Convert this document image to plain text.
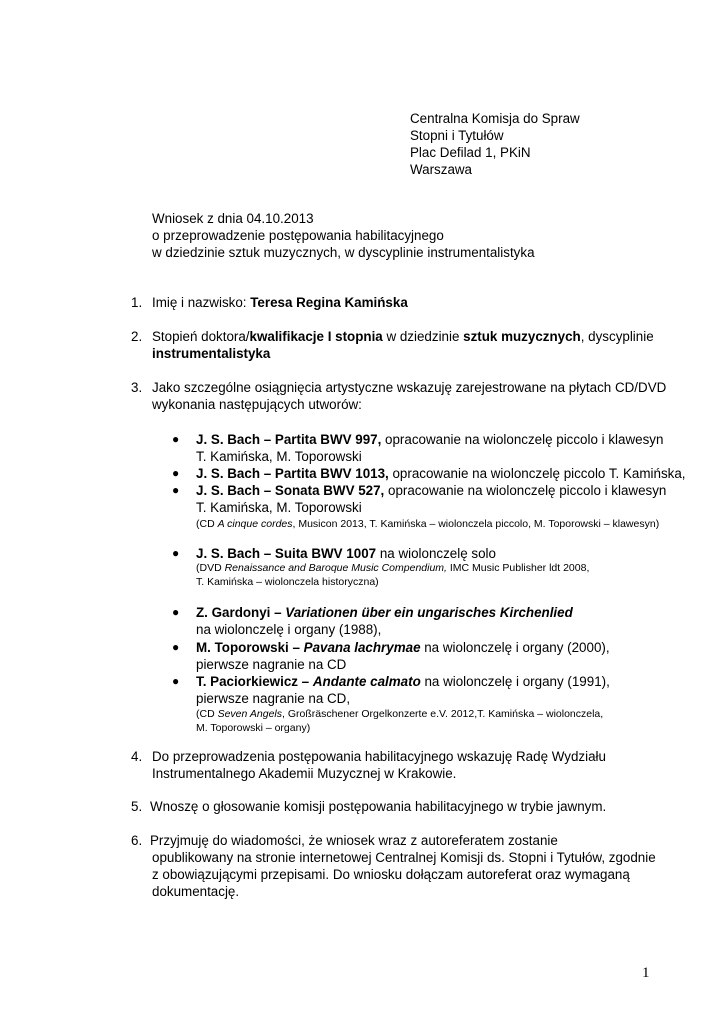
Centralna Komisja do Spraw
Stopni i Tytułów
Plac Defilad 1, PKiN
Warszawa
Wniosek z dnia 04.10.2013
o przeprowadzenie postępowania habilitacyjnego
w dziedzinie sztuk muzycznych, w dyscyplinie instrumentalistyka
1. Imię i nazwisko: Teresa Regina Kamińska
2. Stopień doktora/kwalifikacje I stopnia w dziedzinie sztuk muzycznych, dyscyplinie
instrumentalistyka
3. Jako szczególne osiągnięcia artystyczne wskazuję zarejestrowane na płytach CD/DVD
wykonania następujących utworów:
● J. S. Bach – Partita BWV 997, opracowanie na wiolonczelę piccolo i klawesyn
T. Kamińska, M. Toporowski
● J. S. Bach – Partita BWV 1013, opracowanie na wiolonczelę piccolo T. Kamińska,
● J. S. Bach – Sonata BWV 527, opracowanie na wiolonczelę piccolo i klawesyn
T. Kamińska, M. Toporowski
(CD A cinque cordes, Musicon 2013, T. Kamińska – wiolonczela piccolo, M. Toporowski – klawesyn)
● J. S. Bach – Suita BWV 1007 na wiolonczelę solo
(DVD Renaissance and Baroque Music Compendium, IMC Music Publisher ldt 2008,
T. Kamińska – wiolonczela historyczna)
● Z. Gardonyi – Variationen über ein ungarisches Kirchenlied
na wiolonczelę i organy (1988),
● M. Toporowski – Pavana lachrymae na wiolonczelę i organy (2000),
pierwsze nagranie na CD
● T. Paciorkiewicz – Andante calmato na wiolonczelę i organy (1991),
pierwsze nagranie na CD,
(CD Seven Angels, Großräschener Orgelkonzerte e.V. 2012,T. Kamińska – wiolonczela,
M. Toporowski – organy)
4. Do przeprowadzenia postępowania habilitacyjnego wskazuję Radę Wydziału
Instrumentalnego Akademii Muzycznej w Krakowie.
5. Wnoszę o głosowanie komisji postępowania habilitacyjnego w trybie jawnym.
6. Przyjmuję do wiadomości, że wniosek wraz z autoreferatem zostanie
opublikowany na stronie internetowej Centralnej Komisji ds. Stopni i Tytułów, zgodnie
z obowiązującymi przepisami. Do wniosku dołączam autoreferat oraz wymaganą
dokumentację.
1
